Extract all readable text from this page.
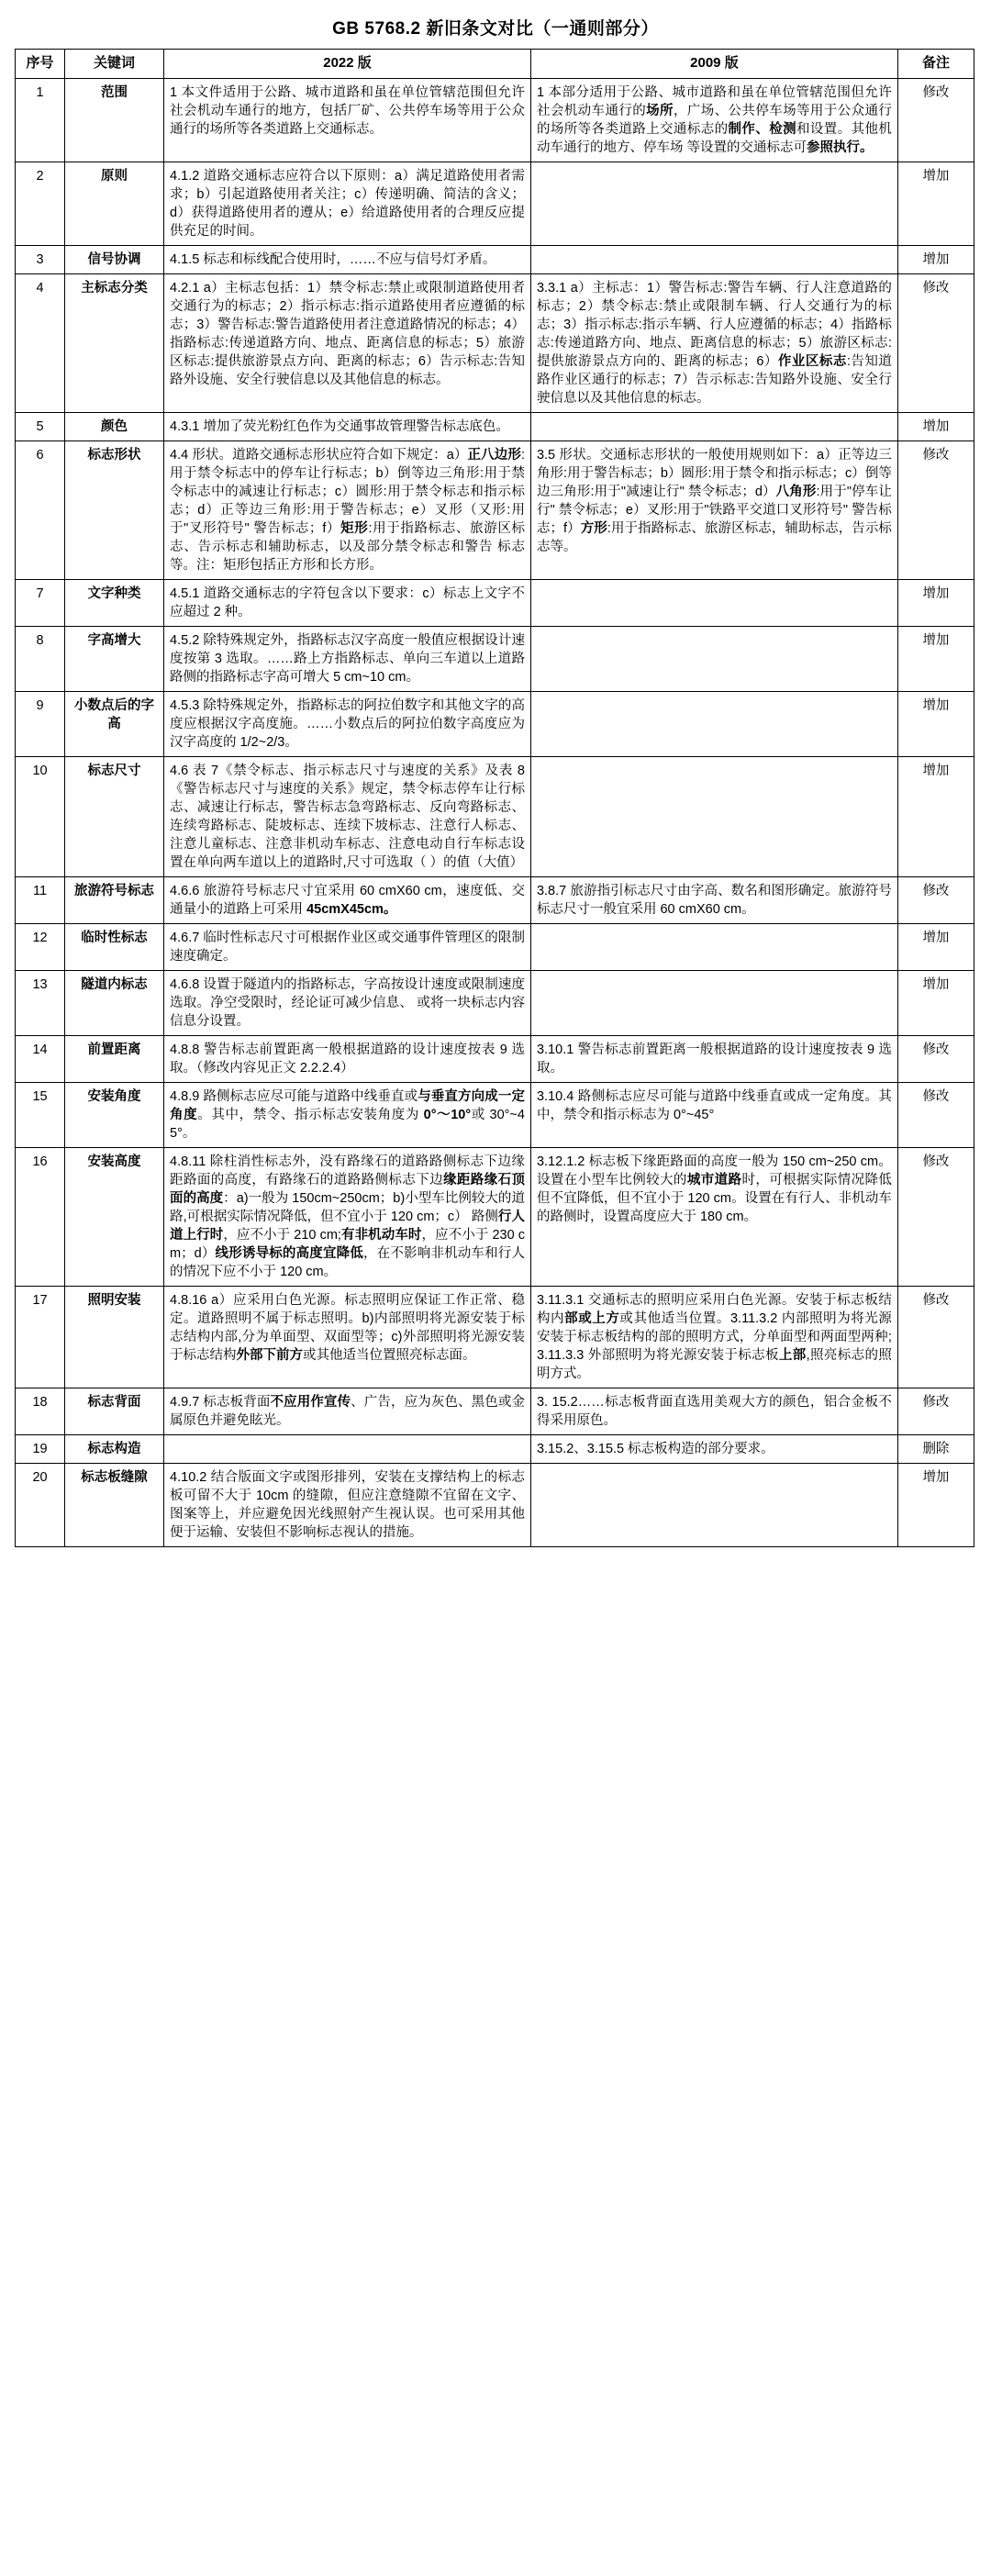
GB 5768.2 新旧条文对比（一通则部分）
序号	关键词	2022 版	2009 版	备注
1	范围	1 本文件适用于公路、城市道路和虽在单位管辖范围但允许社会机动车通行的地方，包括厂矿、公共停车场等用于公众通行的场所等各类道路上交通标志。	1 本部分适用于公路、城市道路和虽在单位管辖范围但允许社会机动车通行的场所，广场、公共停车场等用于公众通行的场所等各类道路上交通标志的制作、检测和设置。其他机动车通行的地方、停车场 等设置的交通标志可参照执行。	修改
2	原则	4.1.2 道路交通标志应符合以下原则：a）满足道路使用者需求；b）引起道路使用者关注；c）传递明确、简洁的含义；d）获得道路使用者的遵从；e）给道路使用者的合理反应提供充足的时间。		增加
3	信号协调	4.1.5 标志和标线配合使用时，……不应与信号灯矛盾。		增加
4	主标志分类	4.2.1 a）主标志包括：1）禁令标志:禁止或限制道路使用者交通行为的标志；2）指示标志:指示道路使用者应遵循的标志；3）警告标志:警告道路使用者注意道路情况的标志；4）指路标志:传递道路方向、地点、距离信息的标志；5）旅游区标志:提供旅游景点方向、距离的标志；6）告示标志:告知路外设施、安全行驶信息以及其他信息的标志。	3.3.1 a）主标志：1）警告标志:警告车辆、行人注意道路的标志；2）禁令标志:禁止或限制车辆、行人交通行为的标志；3）指示标志:指示车辆、行人应遵循的标志；4）指路标志:传递道路方向、地点、距离信息的标志；5）旅游区标志:提供旅游景点方向的、距离的标志；6）作业区标志:告知道路作业区通行的标志；7）告示标志:告知路外设施、安全行驶信息以及其他信息的标志。	修改
5	颜色	4.3.1 增加了荧光粉红色作为交通事故管理警告标志底色。		增加
6	标志形状	4.4 形状。道路交通标志形状应符合如下规定：a）正八边形:用于禁令标志中的停车让行标志；b）倒等边三角形:用于禁令标志中的减速让行标志；c）圆形:用于禁令标志和指示标志；d）正等边三角形:用于警告标志；e）叉形（又形:用于"叉形符号" 警告标志；f）矩形:用于指路标志、旅游区标志、告示标志和辅助标志，以及部分禁令标志和警告 标志等。注：矩形包括正方形和长方形。	3.5 形状。交通标志形状的一般使用规则如下：a）正等边三角形:用于警告标志；b）圆形:用于禁令和指示标志；c）倒等边三角形:用于"减速让行" 禁令标志；d）八角形:用于"停车让行" 禁令标志；e）叉形:用于"铁路平交道口叉形符号" 警告标志；f）方形:用于指路标志、旅游区标志，辅助标志，告示标志等。	修改
7	文字种类	4.5.1 道路交通标志的字符包含以下要求：c）标志上文字不应超过 2 种。		增加
8	字高增大	4.5.2 除特殊规定外，指路标志汉字高度一般值应根据设计速度按第 3 选取。……路上方指路标志、单向三车道以上道路路侧的指路标志字高可增大 5 cm~10 cm。		增加
9	小数点后的字高	4.5.3 除特殊规定外，指路标志的阿拉伯数字和其他文字的高度应根据汉字高度施。……小数点后的阿拉伯数字高度应为汉字高度的 1/2~2/3。		增加
10	标志尺寸	4.6 表 7《禁令标志、指示标志尺寸与速度的关系》及表 8《警告标志尺寸与速度的关系》规定，禁令标志停车让行标志、减速让行标志，警告标志急弯路标志、反向弯路标志、连续弯路标志、陡坡标志、连续下坡标志、注意行人标志、注意儿童标志、注意非机动车标志、注意电动自行车标志设置在单向两车道以上的道路时,尺寸可选取（ ）的值（大值）		增加
11	旅游符号标志	4.6.6 旅游符号标志尺寸宜采用 60 cmX60 cm，速度低、交通量小的道路上可采用 45cmX45cm。	3.8.7 旅游指引标志尺寸由字高、数名和图形确定。旅游符号标志尺寸一般宜采用 60 cmX60 cm。	修改
12	临时性标志	4.6.7 临时性标志尺寸可根据作业区或交通事件管理区的限制速度确定。		增加
13	隧道内标志	4.6.8 设置于隧道内的指路标志，字高按设计速度或限制速度选取。净空受限时，经论证可减少信息、 或将一块标志内容信息分设置。		增加
14	前置距离	4.8.8 警告标志前置距离一般根据道路的设计速度按表 9 选取。（修改内容见正文 2.2.2.4）	3.10.1 警告标志前置距离一般根据道路的设计速度按表 9 选取。	修改
15	安装角度	4.8.9 路侧标志应尽可能与道路中线垂直或与垂直方向成一定角度。其中，禁令、指示标志安装角度为 0°～10°或 30°~45°。	3.10.4 路侧标志应尽可能与道路中线垂直或成一定角度。其中，禁令和指示标志为 0°~45°	修改
16	安装高度	4.8.11 除柱消性标志外，没有路缘石的道路路侧标志下边缘距路面的高度，有路缘石的道路路侧标志下边缘距路缘石顶面的高度：a)一般为 150cm~250cm；b)小型车比例较大的道路,可根据实际情况降低，但不宜小于 120 cm；c） 路侧行人道上行时，应不小于 210 cm;有非机动车时，应不小于 230 cm；d）线形诱导标的高度宜降低，在不影响非机动车和行人的情况下应不小于 120 cm。	3.12.1.2 标志板下缘距路面的高度一般为 150 cm~250 cm。设置在小型车比例较大的城市道路时，可根据实际情况降低但不宜降低，但不宜小于 120 cm。设置在有行人、非机动车的路侧时，设置高度应大于 180 cm。	修改
17	照明安装	4.8.16 a）应采用白色光源。标志照明应保证工作正常、稳定。道路照明不属于标志照明。b)内部照明将光源安装于标志结构内部,分为单面型、双面型等；c)外部照明将光源安装于标志结构外部下前方或其他适当位置照亮标志面。	3.11.3.1 交通标志的照明应采用白色光源。安装于标志板结构内部或上方或其他适当位置。3.11.3.2 内部照明为将光源安装于标志板结构的部的照明方式，分单面型和两面型两种;3.11.3.3 外部照明为将光源安装于标志板上部,照亮标志的照明方式。	修改
18	标志背面	4.9.7 标志板背面不应用作宣传、广告，应为灰色、黑色或金属原色并避免眩光。	3. 15.2……标志板背面直选用美观大方的颜色，铝合金板不得采用原色。	修改
19	标志构造		3.15.2、3.15.5 标志板构造的部分要求。	删除
20	标志板缝隙	4.10.2 结合版面文字或图形排列，安装在支撑结构上的标志板可留不大于 10cm 的缝隙，但应注意缝隙不宜留在文字、图案等上，并应避免因光线照射产生视认误。也可采用其他便于运输、安装但不影响标志视认的措施。		增加
